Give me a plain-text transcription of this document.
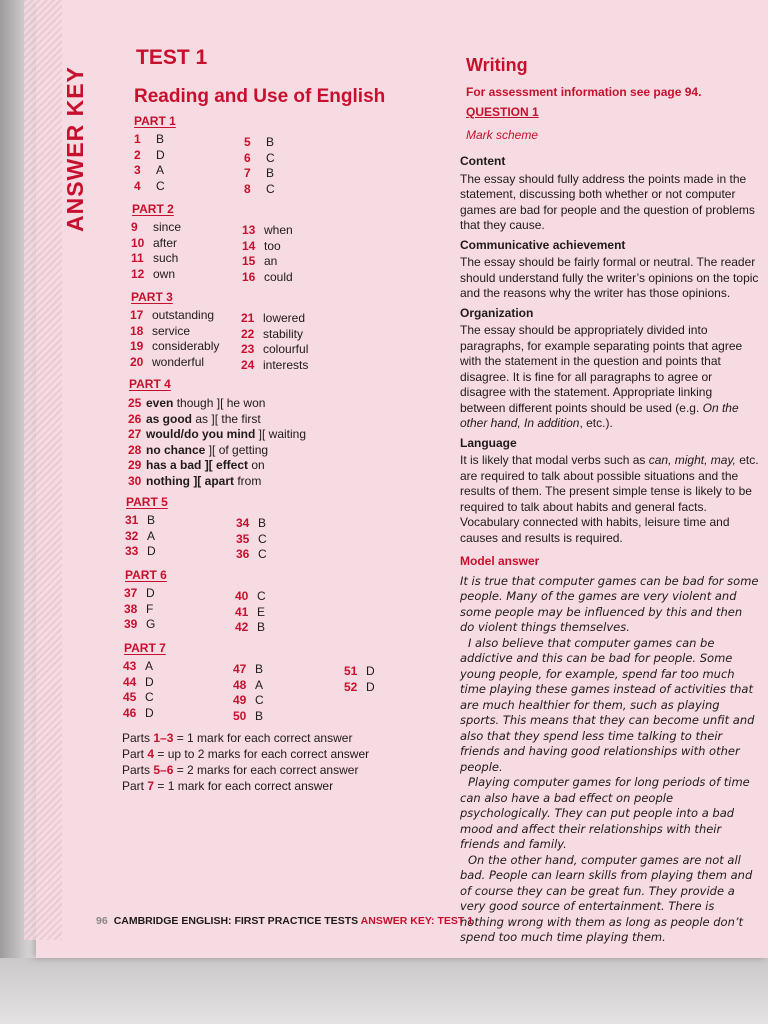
ANSWER KEY
TEST 1
Reading and Use of English
PART 1
1	B
2	D
3	A
4	C
5	B
6	C
7	B
8	C
PART 2
9	since
10 after
11 such
12 own
13 when
14 too
15 an
16 could
PART 3
17 outstanding
18 service
19 considerably
20 wonderful
21 lowered
22 stability
23 colourful
24 interests
PART 4
25 even though ][ he won
26 as good as ][ the first
27 would/do you mind ][ waiting
28 no chance ][ of getting
29 has a bad ][ effect on
30 nothing ][ apart from
PART 5
31 B
32 A
33 D
34 B
35 C
36 C
PART 6
37 D
38 F
39 G
40 C
41 E
42 B
PART 7
43 A
44 D
45 C
46 D
47 B
48 A
49 C
50 B
51 D
52 D
Parts 1–3 = 1 mark for each correct answer
Part 4 = up to 2 marks for each correct answer
Parts 5–6 = 2 marks for each correct answer
Part 7 = 1 mark for each correct answer
Writing
For assessment information see page 94.
QUESTION 1
Mark scheme
Content

The essay should fully address the points made in the statement, discussing both whether or not computer games are bad for people and the question of problems that they cause.

Communicative achievement

The essay should be fairly formal or neutral. The reader should understand fully the writer’s opinions on the topic and the reasons why the writer has those opinions.

Organization

The essay should be appropriately divided into paragraphs, for example separating points that agree with the statement in the question and points that disagree. It is fine for all paragraphs to agree or disagree with the statement. Appropriate linking between different points should be used (e.g. On the other hand, In addition, etc.).

Language

It is likely that modal verbs such as can, might, may, etc. are required to talk about possible situations and the results of them. The present simple tense is likely to be required to talk about habits and general facts. Vocabulary connected with habits, leisure time and causes and results is required.

Model answer

It is true that computer games can be bad for some people. Many of the games are very violent and some people may be influenced by this and then do violent things themselves.

I also believe that computer games can be addictive and this can be bad for people. Some young people, for example, spend far too much time playing these games instead of activities that are much healthier for them, such as playing sports. This means that they can become unfit and also that they spend less time talking to their friends and having good relationships with other people.

Playing computer games for long periods of time can also have a bad effect on people psychologically. They can put people into a bad mood and affect their relationships with their friends and family.

On the other hand, computer games are not all bad. People can learn skills from playing them and of course they can be great fun. They provide a very good source of entertainment. There is nothing wrong with them as long as people don’t spend too much time playing them.

96 CAMBRIDGE ENGLISH: FIRST PRACTICE TESTS ANSWER KEY: TEST 1
